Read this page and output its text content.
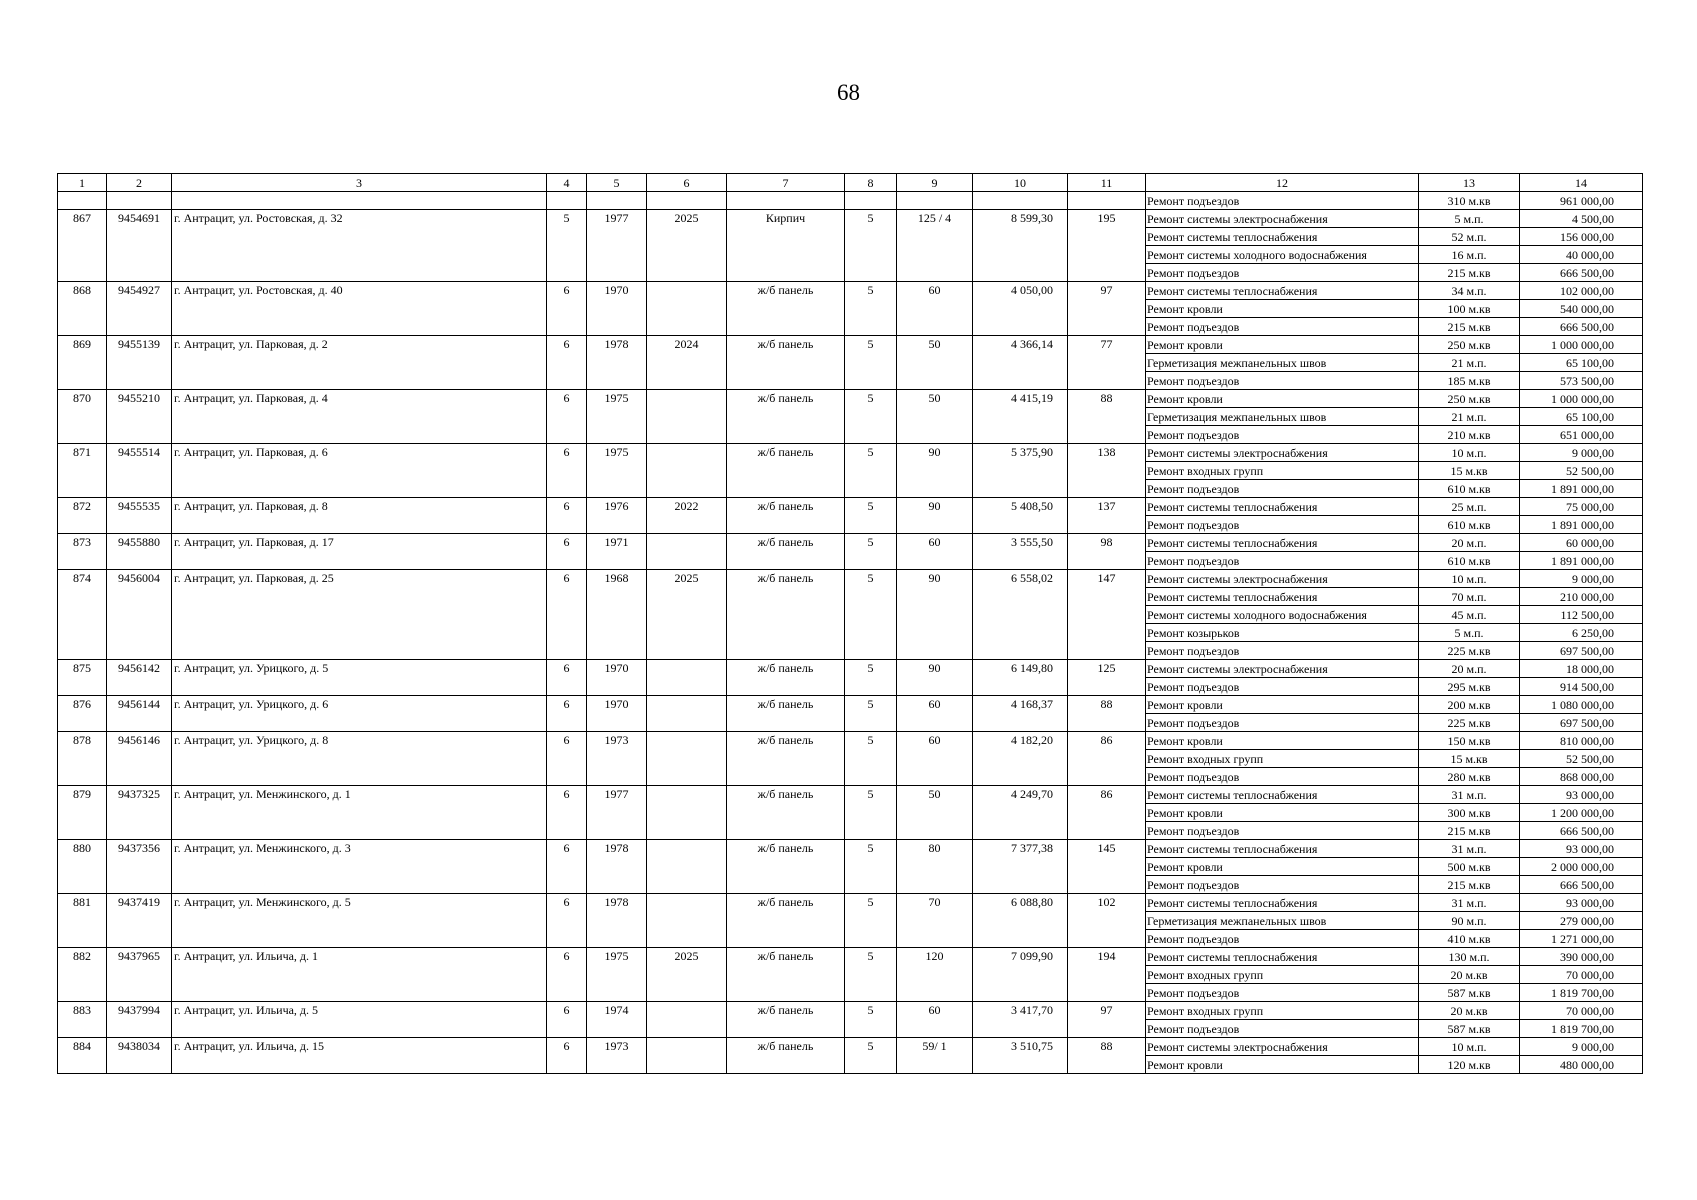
68
1	2	3	4	5	6	7	8	9	10	11	12	13	14
											Ремонт подъездов	310 м.кв	961 000,00
867	9454691	г. Антрацит, ул. Ростовская, д. 32	5	1977	2025	Кирпич	5	125 / 4	8 599,30	195	Ремонт системы электроснабжения	5 м.п.	4 500,00
											Ремонт системы теплоснабжения	52 м.п.	156 000,00
											Ремонт системы холодного водоснабжения	16 м.п.	40 000,00
											Ремонт подъездов	215 м.кв	666 500,00
868	9454927	г. Антрацит, ул. Ростовская, д. 40	6	1970		ж/б панель	5	60	4 050,00	97	Ремонт системы теплоснабжения	34 м.п.	102 000,00
											Ремонт кровли	100 м.кв	540 000,00
											Ремонт подъездов	215 м.кв	666 500,00
869	9455139	г. Антрацит, ул. Парковая, д. 2	6	1978	2024	ж/б панель	5	50	4 366,14	77	Ремонт кровли	250 м.кв	1 000 000,00
											Герметизация межпанельных швов	21 м.п.	65 100,00
											Ремонт подъездов	185 м.кв	573 500,00
870	9455210	г. Антрацит, ул. Парковая, д. 4	6	1975		ж/б панель	5	50	4 415,19	88	Ремонт кровли	250 м.кв	1 000 000,00
											Герметизация межпанельных швов	21 м.п.	65 100,00
											Ремонт подъездов	210 м.кв	651 000,00
871	9455514	г. Антрацит, ул. Парковая, д. 6	6	1975		ж/б панель	5	90	5 375,90	138	Ремонт системы электроснабжения	10 м.п.	9 000,00
											Ремонт входных групп	15 м.кв	52 500,00
											Ремонт подъездов	610 м.кв	1 891 000,00
872	9455535	г. Антрацит, ул. Парковая, д. 8	6	1976	2022	ж/б панель	5	90	5 408,50	137	Ремонт системы теплоснабжения	25 м.п.	75 000,00
											Ремонт подъездов	610 м.кв	1 891 000,00
873	9455880	г. Антрацит, ул. Парковая, д. 17	6	1971		ж/б панель	5	60	3 555,50	98	Ремонт системы теплоснабжения	20 м.п.	60 000,00
											Ремонт подъездов	610 м.кв	1 891 000,00
874	9456004	г. Антрацит, ул. Парковая, д. 25	6	1968	2025	ж/б панель	5	90	6 558,02	147	Ремонт системы электроснабжения	10 м.п.	9 000,00
											Ремонт системы теплоснабжения	70 м.п.	210 000,00
											Ремонт системы холодного водоснабжения	45 м.п.	112 500,00
											Ремонт козырьков	5 м.п.	6 250,00
											Ремонт подъездов	225 м.кв	697 500,00
875	9456142	г. Антрацит, ул. Урицкого, д. 5	6	1970		ж/б панель	5	90	6 149,80	125	Ремонт системы электроснабжения	20 м.п.	18 000,00
											Ремонт подъездов	295 м.кв	914 500,00
876	9456144	г. Антрацит, ул. Урицкого, д. 6	6	1970		ж/б панель	5	60	4 168,37	88	Ремонт кровли	200 м.кв	1 080 000,00
											Ремонт подъездов	225 м.кв	697 500,00
878	9456146	г. Антрацит, ул. Урицкого, д. 8	6	1973		ж/б панель	5	60	4 182,20	86	Ремонт кровли	150 м.кв	810 000,00
											Ремонт входных групп	15 м.кв	52 500,00
											Ремонт подъездов	280 м.кв	868 000,00
879	9437325	г. Антрацит, ул. Менжинского, д. 1	6	1977		ж/б панель	5	50	4 249,70	86	Ремонт системы теплоснабжения	31 м.п.	93 000,00
											Ремонт кровли	300 м.кв	1 200 000,00
											Ремонт подъездов	215 м.кв	666 500,00
880	9437356	г. Антрацит, ул. Менжинского, д. 3	6	1978		ж/б панель	5	80	7 377,38	145	Ремонт системы теплоснабжения	31 м.п.	93 000,00
											Ремонт кровли	500 м.кв	2 000 000,00
											Ремонт подъездов	215 м.кв	666 500,00
881	9437419	г. Антрацит, ул. Менжинского, д. 5	6	1978		ж/б панель	5	70	6 088,80	102	Ремонт системы теплоснабжения	31 м.п.	93 000,00
											Герметизация межпанельных швов	90 м.п.	279 000,00
											Ремонт подъездов	410 м.кв	1 271 000,00
882	9437965	г. Антрацит, ул. Ильича, д. 1	6	1975	2025	ж/б панель	5	120	7 099,90	194	Ремонт системы теплоснабжения	130 м.п.	390 000,00
											Ремонт входных групп	20 м.кв	70 000,00
											Ремонт подъездов	587 м.кв	1 819 700,00
883	9437994	г. Антрацит, ул. Ильича, д. 5	6	1974		ж/б панель	5	60	3 417,70	97	Ремонт входных групп	20 м.кв	70 000,00
											Ремонт подъездов	587 м.кв	1 819 700,00
884	9438034	г. Антрацит, ул. Ильича, д. 15	6	1973		ж/б панель	5	59/ 1	3 510,75	88	Ремонт системы электроснабжения	10 м.п.	9 000,00
											Ремонт кровли	120 м.кв	480 000,00
